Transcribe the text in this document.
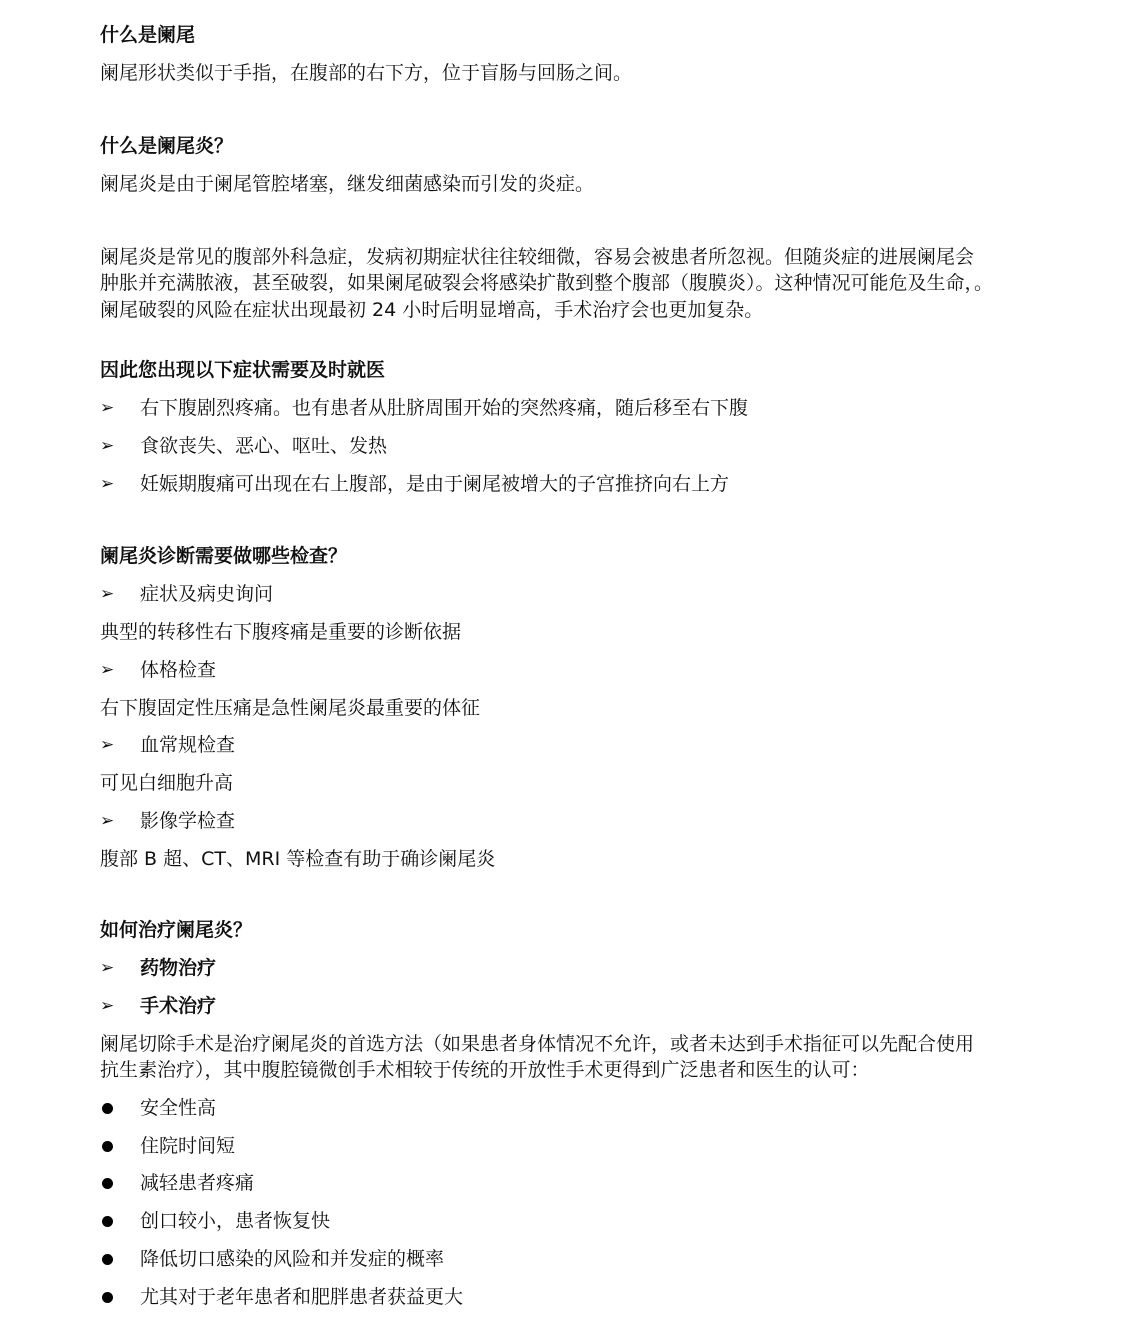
什么是阑尾
阑尾形状类似于手指，在腹部的右下方，位于盲肠与回肠之间。
什么是阑尾炎？
阑尾炎是由于阑尾管腔堵塞，继发细菌感染而引发的炎症。
阑尾炎是常见的腹部外科急症，发病初期症状往往较细微，容易会被患者所忽视。但随炎症的进展阑尾会
肿胀并充满脓液，甚至破裂，如果阑尾破裂会将感染扩散到整个腹部（腹膜炎）。这种情况可能危及生命，。
阑尾破裂的风险在症状出现最初 24 小时后明显增高，手术治疗会也更加复杂。
因此您出现以下症状需要及时就医
➢	右下腹剧烈疼痛。也有患者从肚脐周围开始的突然疼痛，随后移至右下腹
➢	食欲丧失、恶心、呕吐、发热
➢	妊娠期腹痛可出现在右上腹部，是由于阑尾被增大的子宫推挤向右上方
阑尾炎诊断需要做哪些检查？
➢	症状及病史询问
典型的转移性右下腹疼痛是重要的诊断依据
➢	体格检查
右下腹固定性压痛是急性阑尾炎最重要的体征
➢	血常规检查
可见白细胞升高
➢	影像学检查
腹部 B 超、CT、MRI 等检查有助于确诊阑尾炎
如何治疗阑尾炎？
➢	药物治疗
➢	手术治疗
阑尾切除手术是治疗阑尾炎的首选方法（如果患者身体情况不允许，或者未达到手术指征可以先配合使用
抗生素治疗），其中腹腔镜微创手术相较于传统的开放性手术更得到广泛患者和医生的认可：
安全性高
住院时间短
减轻患者疼痛
创口较小，患者恢复快
降低切口感染的风险和并发症的概率
尤其对于老年患者和肥胖患者获益更大
